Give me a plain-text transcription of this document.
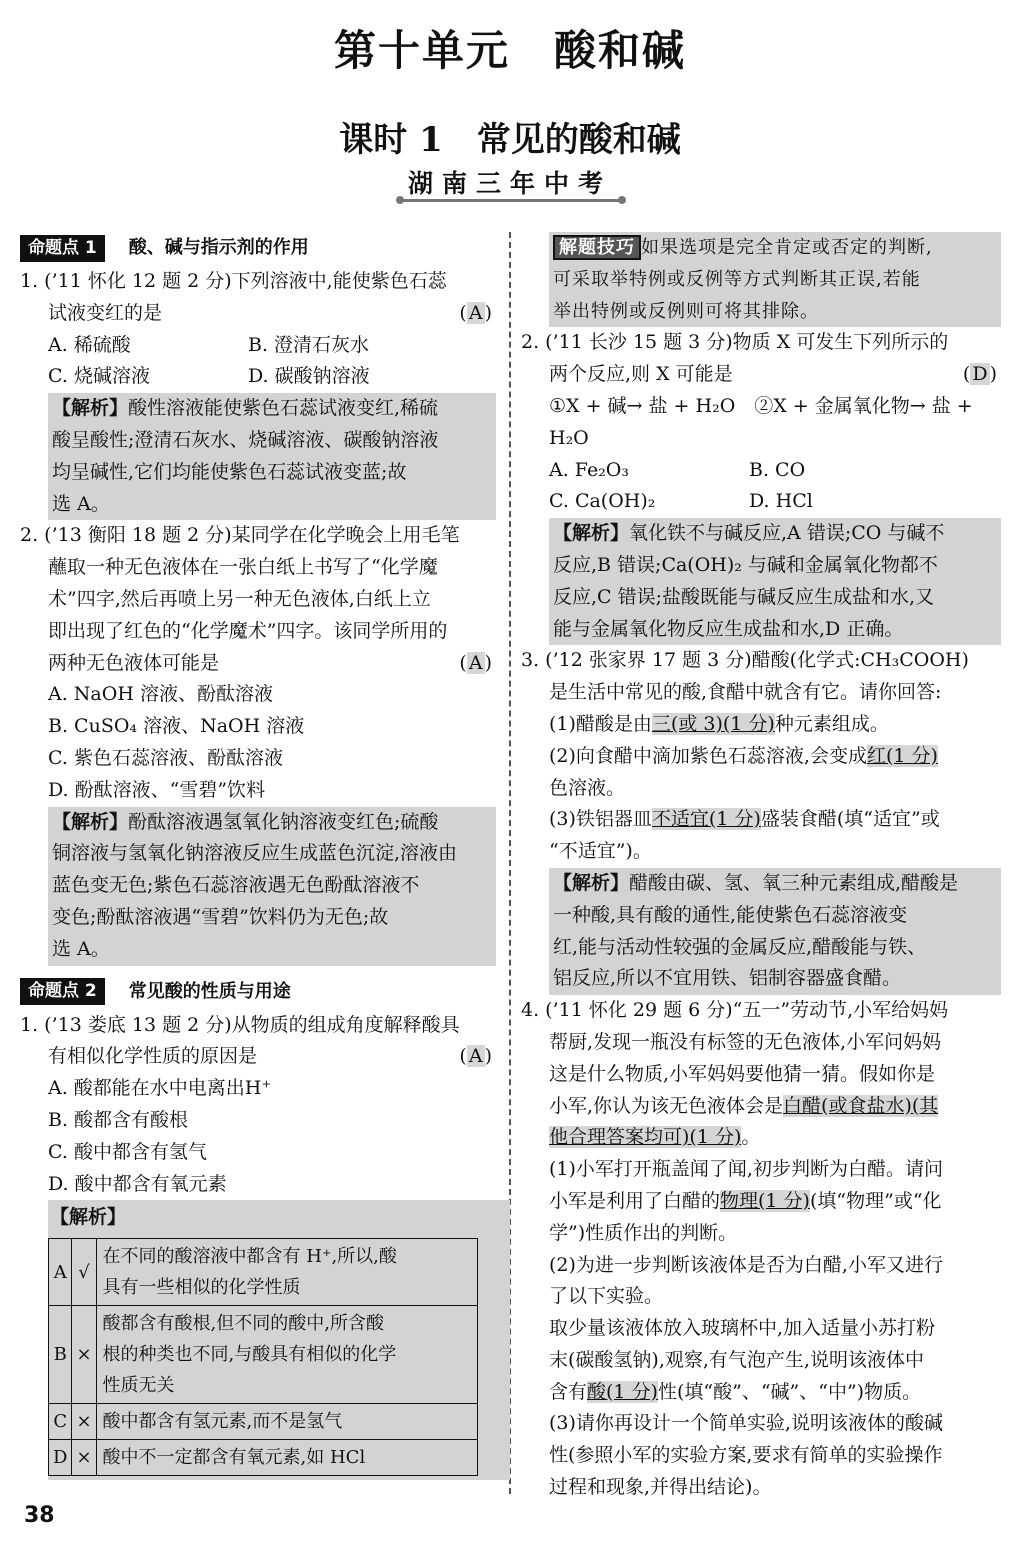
第十单元　酸和碱
课时 1　常见的酸和碱
湖南三年中考
命题点 1	酸、碱与指示剂的作用
1. (’11 怀化 12 题 2 分)下列溶液中,能使紫色石蕊
试液变红的是	( A )
A. 稀硫酸	B. 澄清石灰水
C. 烧碱溶液	D. 碳酸钠溶液
【解析】酸性溶液能使紫色石蕊试液变红,稀硫
酸呈酸性;澄清石灰水、烧碱溶液、碳酸钠溶液
均呈碱性,它们均能使紫色石蕊试液变蓝;故
选 A。
2. (’13 衡阳 18 题 2 分)某同学在化学晚会上用毛笔
蘸取一种无色液体在一张白纸上书写了“化学魔
术”四字,然后再喷上另一种无色液体,白纸上立
即出现了红色的“化学魔术”四字。该同学所用的
两种无色液体可能是	( A )
A. NaOH 溶液、酚酞溶液
B. CuSO₄ 溶液、NaOH 溶液
C. 紫色石蕊溶液、酚酞溶液
D. 酚酞溶液、“雪碧”饮料
【解析】酚酞溶液遇氢氧化钠溶液变红色;硫酸
铜溶液与氢氧化钠溶液反应生成蓝色沉淀,溶液由
蓝色变无色;紫色石蕊溶液遇无色酚酞溶液不
变色;酚酞溶液遇“雪碧”饮料仍为无色;故
选 A。
命题点 2	常见酸的性质与用途
1. (’13 娄底 13 题 2 分)从物质的组成角度解释酸具
有相似化学性质的原因是	( A )
A. 酸都能在水中电离出H⁺
B. 酸都含有酸根
C. 酸中都含有氢气
D. 酸中都含有氧元素
【解析】
A	√	在不同的酸溶液中都含有 H⁺,所以,酸
具有一些相似的化学性质

B	×	酸都含有酸根,但不同的酸中,所含酸
根的种类也不同,与酸具有相似的化学
性质无关

C	×	酸中都含有氢元素,而不是氢气
D	×	酸中不一定都含有氧元素,如 HCl
解题技巧 如果选项是完全肯定或否定的判断,
可采取举特例或反例等方式判断其正误,若能
举出特例或反例则可将其排除。
2. (’11 长沙 15 题 3 分)物质 X 可发生下列所示的
两个反应,则 X 可能是	( D )
①X + 碱→ 盐 + H₂O　②X + 金属氧化物→ 盐 +
H₂O
A. Fe₂O₃	B. CO
C. Ca(OH)₂	D. HCl
【解析】氧化铁不与碱反应,A 错误;CO 与碱不
反应,B 错误;Ca(OH)₂ 与碱和金属氧化物都不
反应,C 错误;盐酸既能与碱反应生成盐和水,又
能与金属氧化物反应生成盐和水,D 正确。
3. (’12 张家界 17 题 3 分)醋酸(化学式:CH₃COOH)
是生活中常见的酸,食醋中就含有它。请你回答:
(1)醋酸是由三(或 3)(1 分)种元素组成。
(2)向食醋中滴加紫色石蕊溶液,会变成红(1 分)
色溶液。
(3)铁铝器皿不适宜(1 分)盛装食醋(填“适宜”或
“不适宜”)。
【解析】醋酸由碳、氢、氧三种元素组成,醋酸是
一种酸,具有酸的通性,能使紫色石蕊溶液变
红,能与活动性较强的金属反应,醋酸能与铁、
铝反应,所以不宜用铁、铝制容器盛食醋。
4. (’11 怀化 29 题 6 分)“五一”劳动节,小军给妈妈
帮厨,发现一瓶没有标签的无色液体,小军问妈妈
这是什么物质,小军妈妈要他猜一猜。假如你是
小军,你认为该无色液体会是白醋(或食盐水)(其
他合理答案均可)(1 分)。
(1)小军打开瓶盖闻了闻,初步判断为白醋。请问
小军是利用了白醋的物理(1 分)(填“物理”或“化
学”)性质作出的判断。
(2)为进一步判断该液体是否为白醋,小军又进行
了以下实验。
取少量该液体放入玻璃杯中,加入适量小苏打粉
末(碳酸氢钠),观察,有气泡产生,说明该液体中
含有酸(1 分)性(填“酸”、“碱”、“中”)物质。
(3)请你再设计一个简单实验,说明该液体的酸碱
性(参照小军的实验方案,要求有简单的实验操作
过程和现象,并得出结论)。
38
